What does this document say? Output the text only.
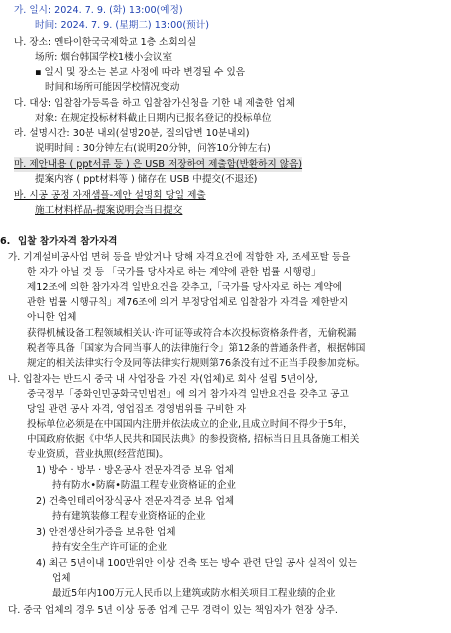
가. 일시: 2024. 7. 9. (화) 13:00(예정)
时间: 2024. 7. 9. (星期二) 13:00(预计)
나. 장소: 옌타이한국국제학교 1층 소회의실
场所: 烟台韩国学校1楼小会议室
▪ 일시 및 장소는 본교 사정에 따라 변경될 수 있음
时间和场所可能因学校情况变动
다. 대상: 입찰참가등록을 하고 입찰참가신청을 기한 내 제출한 업체
对象: 在规定投标材料截止日期内已报名登记的投标单位
라. 설명시간: 30분 내외(설명20분, 질의답변 10분내외)
说明时间 : 30分钟左右(说明20分钟，问答10分钟左右)
마. 제안내용 ( ppt서류 등 ) 은 USB 저장하여 제출함(반환하지 않음)
提案内容 ( ppt材料等 ) 储存在 USB 中提交(不退还)
바. 시공 공정 자재샘플-제안 설명회 당일 제출
施工材料样品-提案说明会当日提交
6. 입찰 참가자격 참가자격
가. 기계설비공사업 면허 등을 받았거나 당해 자격요건에 적합한 자, 조세포탈 등을
한 자가 아닐 것 등 「국가를 당사자로 하는 계약에 관한 법률 시행령」
제12조에 의한 참가자격 일반요건을 갖추고,「국가를 당사자로 하는 계약에
관한 법률 시행규칙」제76조에 의거 부정당업체로 입찰참가 자격을 제한받지
아니한 업체
获得机械设备工程领域相关认‧许可证等或符合本次投标资格条件者，无偷税漏
税者等具备「国家为合同当事人的法律施行令」第12条的普通条件者，根据韩国
规定的相关法律实行令及同等法律实行规则第76条没有过不正当手段参加竞标。
나. 입찰자는 반드시 중국 내 사업장을 가진 자(업체)로 회사 설립 5년이상,
중국정부「중화인민공화국민법전」에 의거 참가자격 일반요건을 갖추고 공고
당일 관련 공사 자격, 영업집조 경영범위를 구비한 자
投标单位必须是在中国国内注册并依法成立的企业,且成立时间不得少于5年，
中国政府依据《中华人民共和国民法典》的参投资格, 招标当日且具备施工相关
专业资质，营业执照(经营范围)。
1) 방수 · 방부 · 방온공사 전문자격증 보유 업체
持有防水•防腐•防温工程专业资格证的企业
2) 건축인테리어장식공사 전문자격증 보유 업체
持有建筑装修工程专业资格证的企业
3) 안전생산허가증을 보유한 업체
持有安全生产许可证的企业
4) 최근 5년이내 100만위안 이상 건축 또는 방수 관련 단일 공사 실적이 있는
업체
最近5年内100万元人民币以上建筑或防水相关项目工程业绩的企业
다. 중국 업체의 경우 5년 이상 동종 업계 근무 경력이 있는 책임자가 현장 상주.
